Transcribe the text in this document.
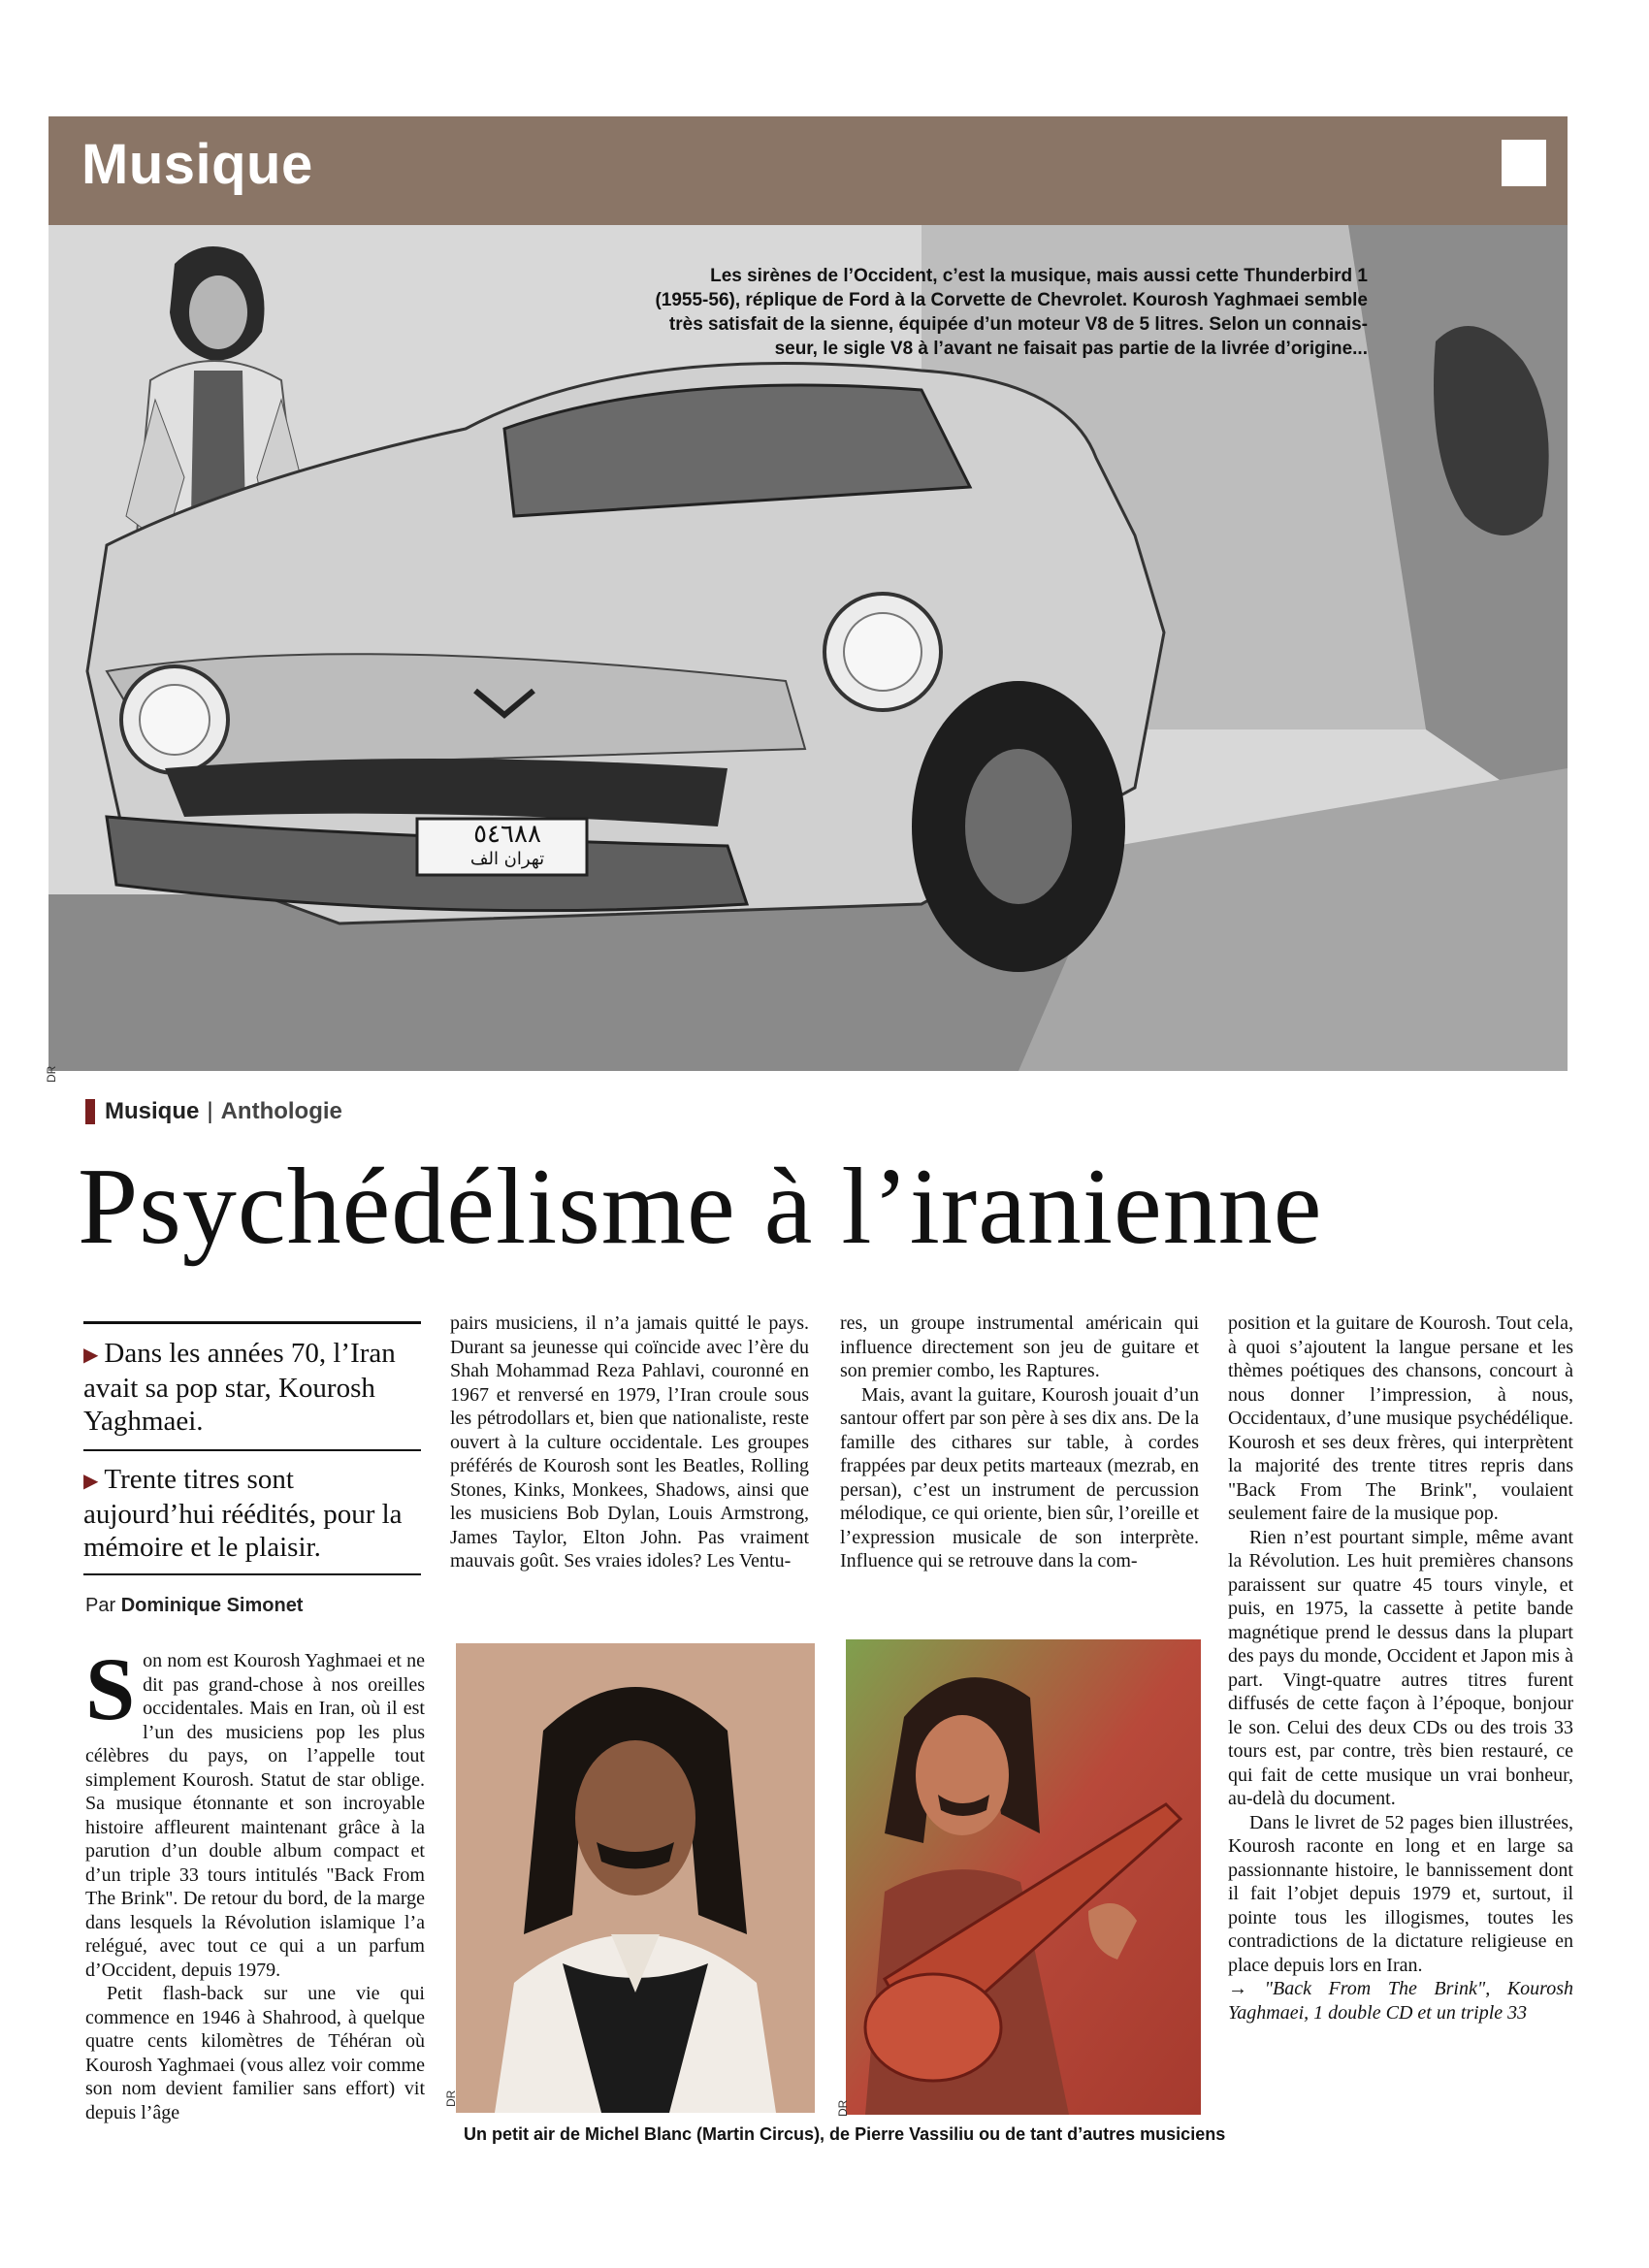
Musique
٥٤٦٨٨
تهران الف
Les sirènes de l’Occident, c’est la musique, mais aussi cette Thunderbird 1
(1955-56), réplique de Ford à la Corvette de Chevrolet. Kourosh Yaghmaei semble
très satisfait de la sienne, équipée d’un moteur V8 de 5 litres. Selon un connais-
seur, le sigle V8 à l’avant ne faisait pas partie de la livrée d’origine...
DR
Musique | Anthologie
Psychédélisme à l’iranienne
▶ Dans les années 70, l’Iran avait sa pop star, Kourosh Yaghmaei.
▶ Trente titres sont aujourd’hui réédités, pour la mémoire et le plaisir.
Par Dominique Simonet

Son nom est Kourosh Yaghmaei et ne dit pas grand-chose à nos oreilles occidentales. Mais en Iran, où il est l’un des musiciens pop les plus célèbres du pays, on l’appelle tout simplement Kourosh. Statut de star oblige. Sa musique étonnante et son incroyable histoire affleurent maintenant grâce à la parution d’un double album compact et d’un triple 33 tours intitulés "Back From The Brink". De retour du bord, de la marge dans lesquels la Révolution islamique l’a relégué, avec tout ce qui a un parfum d’Occident, depuis 1979.

Petit flash-back sur une vie qui commence en 1946 à Shahrood, à quelque quatre cents kilomètres de Téhéran où Kourosh Yaghmaei (vous allez voir comme son nom devient familier sans effort) vit depuis l’âge

pairs musiciens, il n’a jamais quitté le pays. Durant sa jeunesse qui coïncide avec l’ère du Shah Mohammad Reza Pahlavi, couronné en 1967 et renversé en 1979, l’Iran croule sous les pétrodollars et, bien que nationaliste, reste ouvert à la culture occidentale. Les groupes préférés de Kourosh sont les Beatles, Rolling Stones, Kinks, Monkees, Shadows, ainsi que les musiciens Bob Dylan, Louis Armstrong, James Taylor, Elton John. Pas vraiment mauvais goût. Ses vraies idoles? Les Ventu-

res, un groupe instrumental américain qui influence directement son jeu de guitare et son premier combo, les Raptures.

Mais, avant la guitare, Kourosh jouait d’un santour offert par son père à ses dix ans. De la famille des cithares sur table, à cordes frappées par deux petits marteaux (mezrab, en persan), c’est un instrument de percussion mélodique, ce qui oriente, bien sûr, l’oreille et l’expression musicale de son interprète. Influence qui se retrouve dans la com-

position et la guitare de Kourosh. Tout cela, à quoi s’ajoutent la langue persane et les thèmes poétiques des chansons, concourt à nous donner l’impression, à nous, Occidentaux, d’une musique psychédélique. Kourosh et ses deux frères, qui interprètent la majorité des trente titres repris dans "Back From The Brink", voulaient seulement faire de la musique pop.

Rien n’est pourtant simple, même avant la Révolution. Les huit premières chansons paraissent sur quatre 45 tours vinyle, et puis, en 1975, la cassette à petite bande magnétique prend le dessus dans la plupart des pays du monde, Occident et Japon mis à part. Vingt-quatre autres titres furent diffusés de cette façon à l’époque, bonjour le son. Celui des deux CDs ou des trois 33 tours est, par contre, très bien restauré, ce qui fait de cette musique un vrai bonheur, au-delà du document.

Dans le livret de 52 pages bien illustrées, Kourosh raconte en long et en large sa passionnante histoire, le bannissement dont il fait l’objet depuis 1979 et, surtout, il pointe tous les illogismes, toutes les contradictions de la dictature religieuse en place depuis lors en Iran.

→ "Back From The Brink", Kourosh Yaghmaei, 1 double CD et un triple 33

DR
DR
Un petit air de Michel Blanc (Martin Circus), de Pierre Vassiliu ou de tant d’autres musiciens
